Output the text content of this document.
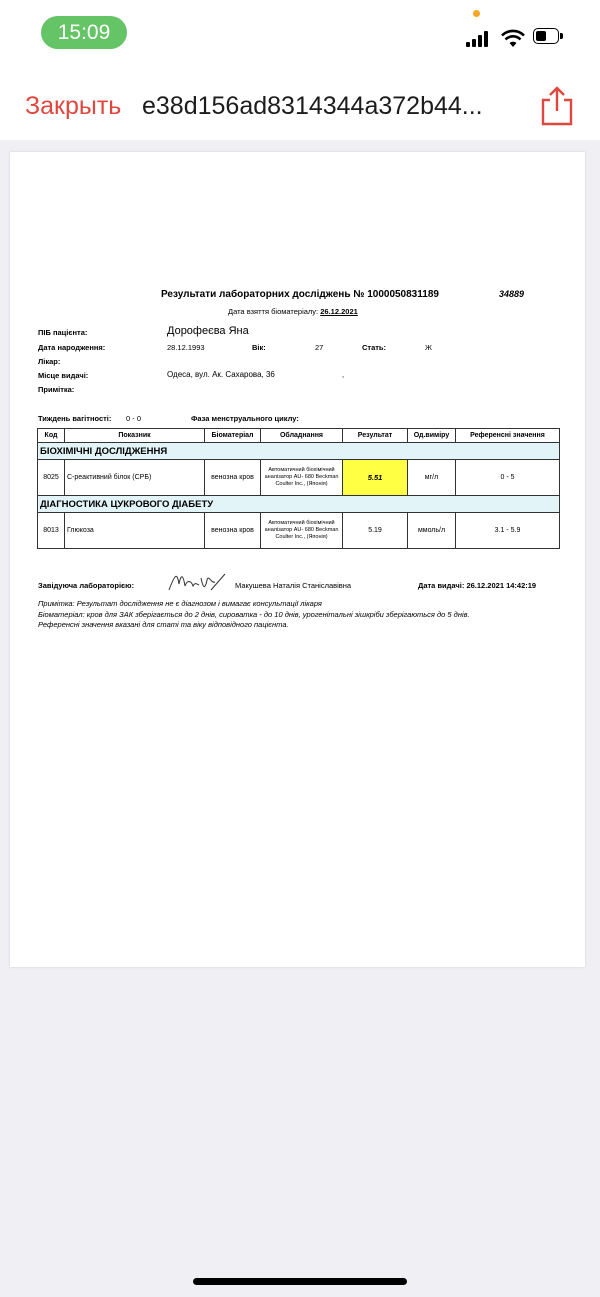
15:09
Закрыть e38d156ad8314344a372b44...
Результати лабораторних досліджень № 1000050831189	34889
Дата взяття біоматеріалу: 26.12.2021
ПІБ пацієнта:	Дорофеєва Яна
Дата народження:	28.12.1993	Вік:	27	Стать:	Ж
Лікар:
Місце видачі:	Одеса, вул. Ак. Сахарова, 36	,
Примітка:
Тиждень вагітності: 0 - 0	Фаза менструального циклу:
Код	Показник	Біоматеріал	Обладнання	Результат	Од.виміру	Референсні значення
БІОХІМІЧНІ ДОСЛІДЖЕННЯ						
8025	С-реактивний білок (СРБ)	венозна кров	Автоматичний біохімічний аналізатор AU- 680 Beckman Coulter Inc., (Японія)	5.51	мг/л	0 - 5
ДІАГНОСТИКА ЦУКРОВОГО ДІАБЕТУ						
8013	Глюкоза	венозна кров	Автоматичний біохімічний аналізатор AU- 680 Beckman Coulter Inc., (Японія)	5.19	ммоль/л	3.1 - 5.9
Завідуюча лабораторією:	Макушева Наталія Станіславівна	Дата видачі: 26.12.2021 14:42:19
Примітка: Результат дослідження не є діагнозом і вимагає консультації лікаря
Біоматеріал: кров для ЗАК зберігається до 2 днів, сироватка - до 10 днів, урогенітальні зішкріби зберігаються до 5 днів.
Референсні значення вказані для статі та віку відповідного пацієнта.
